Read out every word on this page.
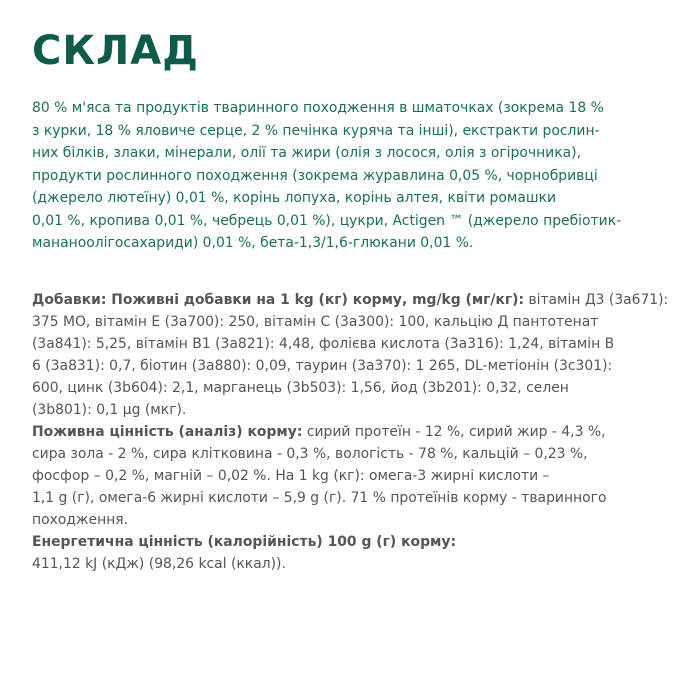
СКЛАД
80 % м'яса та продуктів тваринного походження в шматочках (зокрема 18 %
з курки, 18 % яловиче серце, 2 % печінка куряча та інші), екстракти рослин-
них білків, злаки, мінерали, олії та жири (олія з лосося, олія з огірочника),
продукти рослинного походження (зокрема журавлина 0,05 %, чорнобривці
(джерело лютеїну) 0,01 %, корінь лопуха, корінь алтея, квіти ромашки
0,01 %, кропива 0,01 %, чебрець 0,01 %), цукри, Actigen ™ (джерело пребіотик-
мананоолігосахариди) 0,01 %, бета-1,3/1,6-глюкани 0,01 %.
Добавки: Поживні добавки на 1 kg (кг) корму, mg/kg (мг/кг): вітамін Д3 (3а671):
375 МО, вітамін Е (3а700): 250, вітамін С (3а300): 100, кальцію Д пантотенат
(3а841): 5,25, вітамін В1 (3а821): 4,48, фолієва кислота (3а316): 1,24, вітамін В
6 (3а831): 0,7, біотин (3а880): 0,09, таурин (3а370): 1 265, DL-метіонін (3с301):
600, цинк (3b604): 2,1, марганець (3b503): 1,56, йод (3b201): 0,32, селен
(3b801): 0,1 µg (мкг).
Поживна цінність (аналіз) корму: сирий протеїн - 12 %, сирий жир - 4,3 %,
сира зола - 2 %, сира клітковина - 0,3 %, вологість - 78 %, кальцій – 0,23 %,
фосфор – 0,2 %, магній – 0,02 %. На 1 kg (кг): омега-3 жирні кислоти –
1,1 g (г), омега-6 жирні кислоти – 5,9 g (г). 71 % протеїнів корму - тваринного
походження.
Енергетична цінність (калорійність) 100 g (г) корму:
411,12 kJ (кДж) (98,26 kcal (ккал)).
